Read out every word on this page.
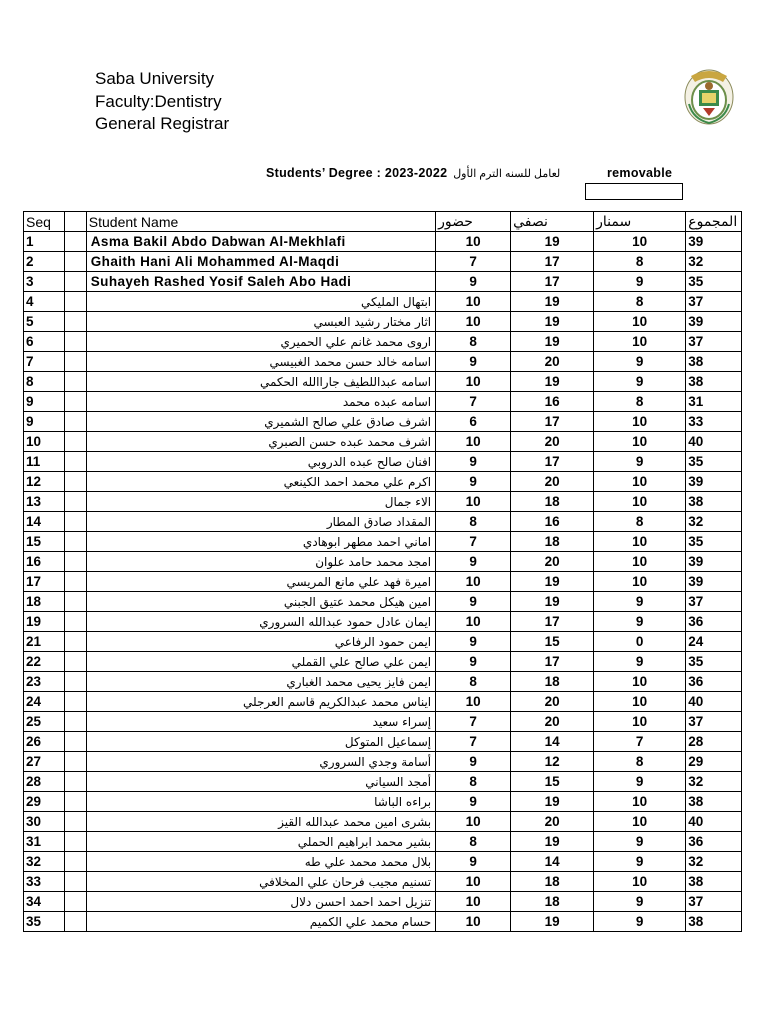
Saba University
Faculty:Dentistry
General Registrar
Students’ Degree : 2023-2022 لعامل للسنه الترم الأول	removable
Seq		Student Name	حضور	نصفي	سمنار	المجموع
1		Asma Bakil Abdo Dabwan Al-Mekhlafi	10	19	10	39
2		Ghaith Hani Ali Mohammed Al-Maqdi	7	17	8	32
3		Suhayeh Rashed Yosif Saleh Abo Hadi	9	17	9	35
4		ابتهال المليكي	10	19	8	37
5		اثار مختار رشيد العبسي	10	19	10	39
6		اروى محمد غانم علي الحميري	8	19	10	37
7		اسامه خالد حسن محمد الغبيسي	9	20	9	38
8		اسامه عبداللطيف جاراالله الحكمي	10	19	9	38
9		اسامه عبده محمد	7	16	8	31
9		اشرف صادق علي صالح الشميري	6	17	10	33
10		اشرف محمد عبده حسن الصبري	10	20	10	40
11		افنان صالح عبده الدروبي	9	17	9	35
12		اكرم علي محمد احمد الكينعي	9	20	10	39
13		الاء جمال	10	18	10	38
14		المقداد صادق المطار	8	16	8	32
15		اماني احمد مطهر ابوهادي	7	18	10	35
16		امجد محمد حامد علوان	9	20	10	39
17		اميرة فهد علي مانع المريسي	10	19	10	39
18		امين هيكل محمد عتيق الجبني	9	19	9	37
19		ايمان عادل حمود عبدالله السروري	10	17	9	36
21		ايمن حمود الرفاعي	9	15	0	24
22		ايمن علي صالح علي القملي	9	17	9	35
23		ايمن فايز يحيى محمد الغباري	8	18	10	36
24		ايناس محمد عبدالكريم قاسم العرجلي	10	20	10	40
25		إسراء سعيد	7	20	10	37
26		إسماعيل المتوكل	7	14	7	28
27		أسامة وجدي السروري	9	12	8	29
28		أمجد السياني	8	15	9	32
29		براءه الباشا	9	19	10	38
30		بشرى امين محمد عبدالله القيز	10	20	10	40
31		بشير محمد ابراهيم الحملي	8	19	9	36
32		بلال محمد محمد علي طه	9	14	9	32
33		تسنيم مجيب فرحان علي المخلافي	10	18	10	38
34		تنزيل احمد احمد احسن دلال	10	18	9	37
35		حسام محمد علي الكميم	10	19	9	38
